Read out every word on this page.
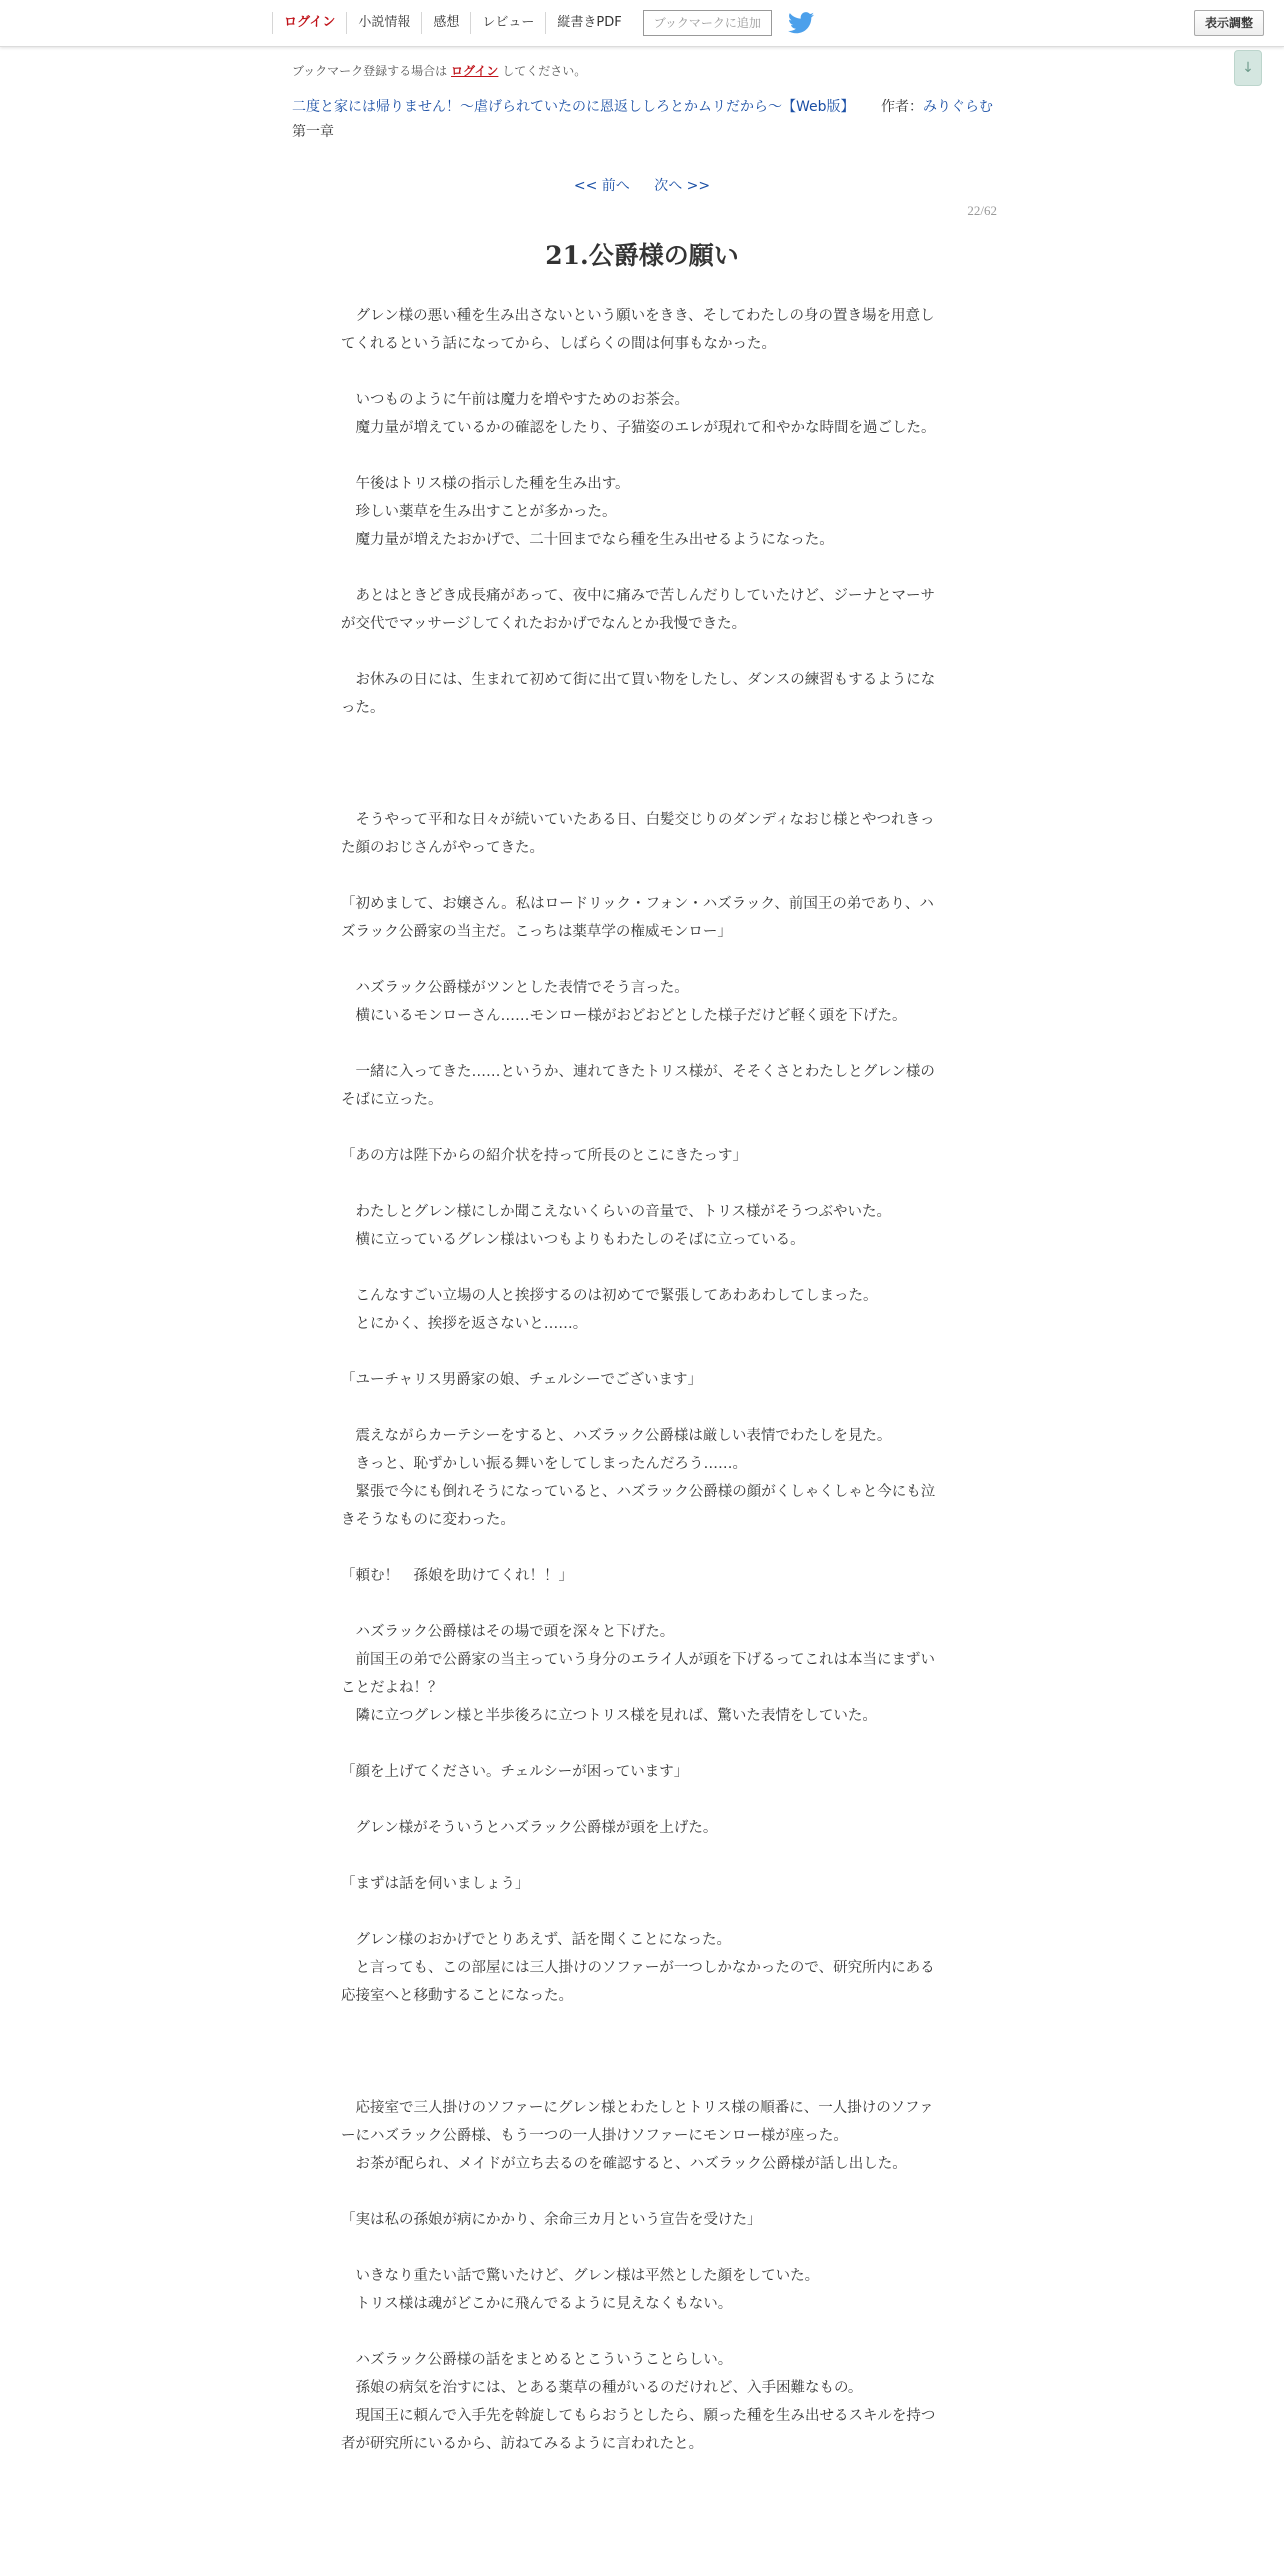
ログイン	小説情報	感想	レビュー	縦書きPDF	ブックマークに追加	表示調整
↓
ブックマーク登録する場合は ログイン してください。
二度と家には帰りません！～虐げられていたのに恩返ししろとかムリだから～【Web版】 作者：みりぐらむ
第一章
<< 前へ 次へ >>
22/62
21.公爵様の願い

　グレン様の悪い種を生み出さないという願いをきき、そしてわたしの身の置き場を用意してくれるという話になってから、しばらくの間は何事もなかった。

　いつものように午前は魔力を増やすためのお茶会。

　魔力量が増えているかの確認をしたり、子猫姿のエレが現れて和やかな時間を過ごした。

　午後はトリス様の指示した種を生み出す。

　珍しい薬草を生み出すことが多かった。

　魔力量が増えたおかげで、二十回までなら種を生み出せるようになった。

　あとはときどき成長痛があって、夜中に痛みで苦しんだりしていたけど、ジーナとマーサが交代でマッサージしてくれたおかげでなんとか我慢できた。

　お休みの日には、生まれて初めて街に出て買い物をしたし、ダンスの練習もするようになった。

　そうやって平和な日々が続いていたある日、白髪交じりのダンディなおじ様とやつれきった顔のおじさんがやってきた。

「初めまして、お嬢さん。私はロードリック・フォン・ハズラック、前国王の弟であり、ハズラック公爵家の当主だ。こっちは薬草学の権威モンロー」

　ハズラック公爵様がツンとした表情でそう言った。

　横にいるモンローさん……モンロー様がおどおどとした様子だけど軽く頭を下げた。

　一緒に入ってきた……というか、連れてきたトリス様が、そそくさとわたしとグレン様のそばに立った。

「あの方は陛下からの紹介状を持って所長のとこにきたっす」

　わたしとグレン様にしか聞こえないくらいの音量で、トリス様がそうつぶやいた。

　横に立っているグレン様はいつもよりもわたしのそばに立っている。

　こんなすごい立場の人と挨拶するのは初めてで緊張してあわあわしてしまった。

　とにかく、挨拶を返さないと……。

「ユーチャリス男爵家の娘、チェルシーでございます」

　震えながらカーテシーをすると、ハズラック公爵様は厳しい表情でわたしを見た。

　きっと、恥ずかしい振る舞いをしてしまったんだろう……。

　緊張で今にも倒れそうになっていると、ハズラック公爵様の顔がくしゃくしゃと今にも泣きそうなものに変わった。

「頼む！　孫娘を助けてくれ！！」

　ハズラック公爵様はその場で頭を深々と下げた。

　前国王の弟で公爵家の当主っていう身分のエライ人が頭を下げるってこれは本当にまずいことだよね！？

　隣に立つグレン様と半歩後ろに立つトリス様を見れば、驚いた表情をしていた。

「顔を上げてください。チェルシーが困っています」

　グレン様がそういうとハズラック公爵様が頭を上げた。

「まずは話を伺いましょう」

　グレン様のおかげでとりあえず、話を聞くことになった。

　と言っても、この部屋には三人掛けのソファーが一つしかなかったので、研究所内にある応接室へと移動することになった。

　応接室で三人掛けのソファーにグレン様とわたしとトリス様の順番に、一人掛けのソファーにハズラック公爵様、もう一つの一人掛けソファーにモンロー様が座った。

　お茶が配られ、メイドが立ち去るのを確認すると、ハズラック公爵様が話し出した。

「実は私の孫娘が病にかかり、余命三カ月という宣告を受けた」

　いきなり重たい話で驚いたけど、グレン様は平然とした顔をしていた。

　トリス様は魂がどこかに飛んでるように見えなくもない。

　ハズラック公爵様の話をまとめるとこういうことらしい。

　孫娘の病気を治すには、とある薬草の種がいるのだけれど、入手困難なもの。

　現国王に頼んで入手先を斡旋してもらおうとしたら、願った種を生み出せるスキルを持つ者が研究所にいるから、訪ねてみるように言われたと。
